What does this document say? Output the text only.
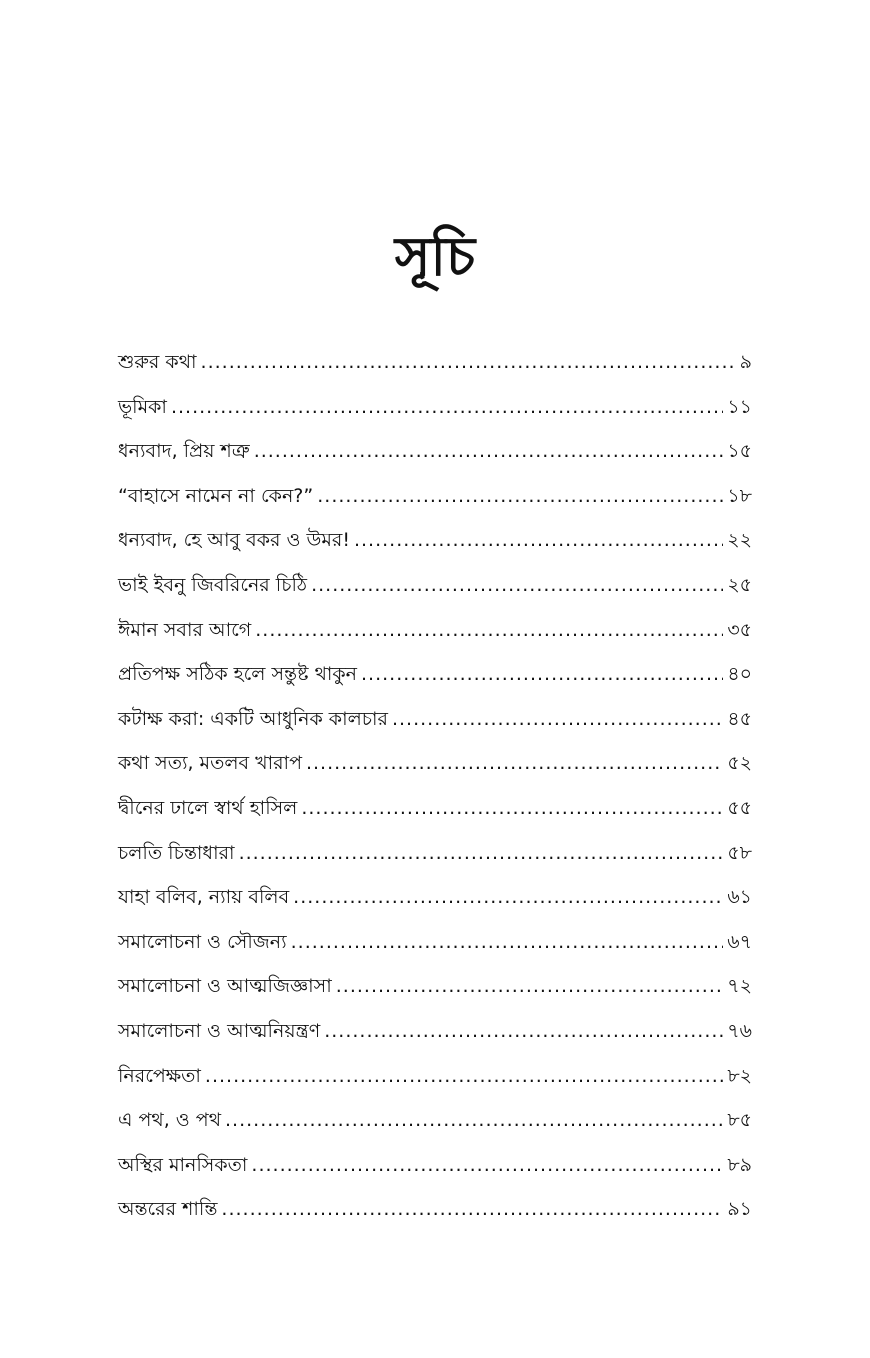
সূচি
শুরুর কথা .....	৯
ভূমিকা .....	১১
ধন্যবাদ, প্রিয় শত্রু .....	১৫
“বাহাসে নামেন না কেন?” .....	১৮
ধন্যবাদ, হে আবু বকর ও উমর! .....	২২
ভাই ইবনু জিবরিনের চিঠি .....	২৫
ঈমান সবার আগে .....	৩৫
প্রতিপক্ষ সঠিক হলে সন্তুষ্ট থাকুন .....	৪০
কটাক্ষ করা: একটি আধুনিক কালচার .....	৪৫
কথা সত্য, মতলব খারাপ .....	৫২
দ্বীনের ঢালে স্বার্থ হাসিল .....	৫৫
চলতি চিন্তাধারা .....	৫৮
যাহা বলিব, ন্যায় বলিব .....	৬১
সমালোচনা ও সৌজন্য .....	৬৭
সমালোচনা ও আত্মজিজ্ঞাসা .....	৭২
সমালোচনা ও আত্মনিয়ন্ত্রণ .....	৭৬
নিরপেক্ষতা .....	৮২
এ পথ, ও পথ .....	৮৫
অস্থির মানসিকতা .....	৮৯
অন্তরের শান্তি .....	৯১
